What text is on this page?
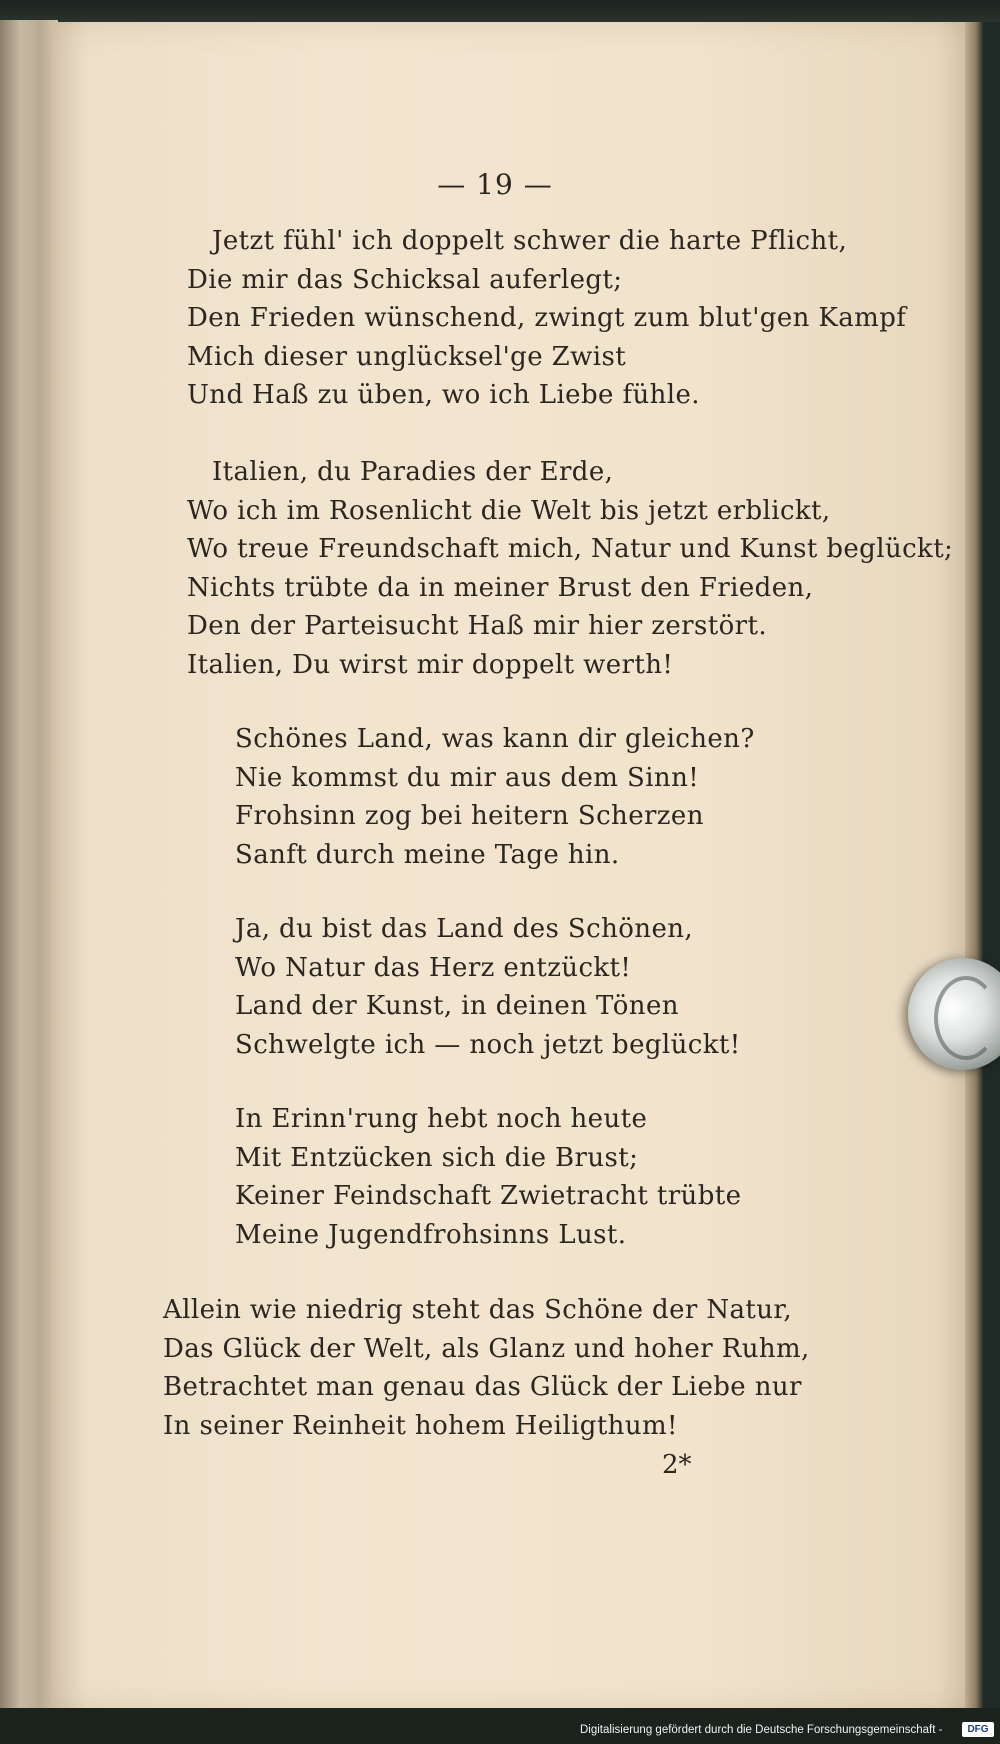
— 19 —
Jetzt fühl' ich doppelt schwer die harte Pflicht,
Die mir das Schicksal auferlegt;
Den Frieden wünschend, zwingt zum blut'gen Kampf
Mich dieser unglücksel'ge Zwist
Und Haß zu üben, wo ich Liebe fühle.
Italien, du Paradies der Erde,
Wo ich im Rosenlicht die Welt bis jetzt erblickt,
Wo treue Freundschaft mich, Natur und Kunst beglückt;
Nichts trübte da in meiner Brust den Frieden,
Den der Parteisucht Haß mir hier zerstört.
Italien, Du wirst mir doppelt werth!
Schönes Land, was kann dir gleichen?
Nie kommst du mir aus dem Sinn!
Frohsinn zog bei heitern Scherzen
Sanft durch meine Tage hin.
Ja, du bist das Land des Schönen,
Wo Natur das Herz entzückt!
Land der Kunst, in deinen Tönen
Schwelgte ich — noch jetzt beglückt!
In Erinn'rung hebt noch heute
Mit Entzücken sich die Brust;
Keiner Feindschaft Zwietracht trübte
Meine Jugendfrohsinns Lust.
Allein wie niedrig steht das Schöne der Natur,
Das Glück der Welt, als Glanz und hoher Ruhm,
Betrachtet man genau das Glück der Liebe nur
In seiner Reinheit hohem Heiligthum!
2*
Digitalisierung gefördert durch die Deutsche Forschungsgemeinschaft -	DFG
